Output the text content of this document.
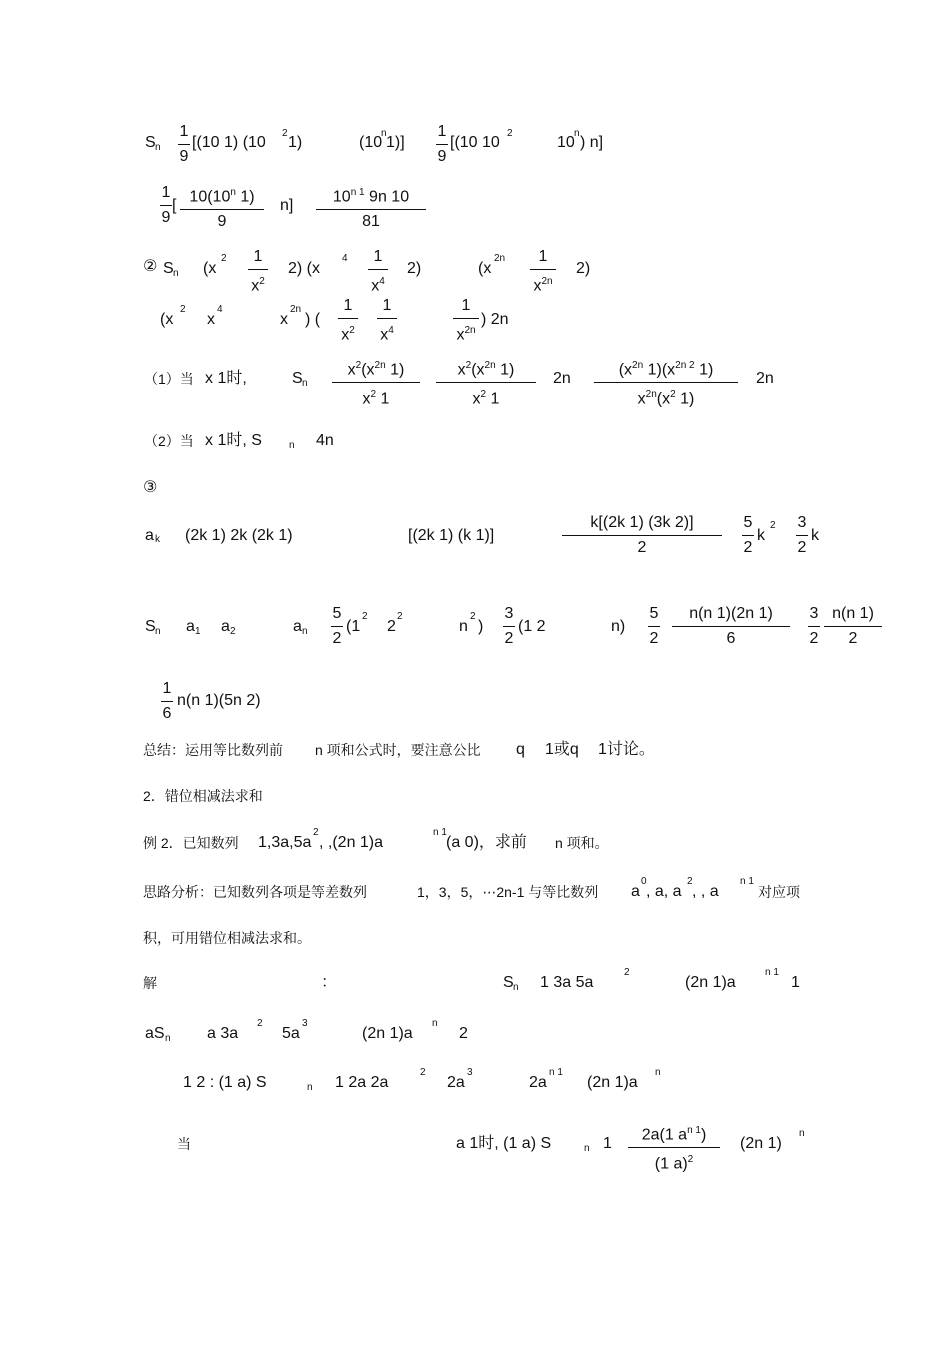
S n
1
9
[(10 1) (10
2
1)	(10
n
1)]
1
9
[(10 10
2
10
n
) n]
1
9
[
10(10$^n$ 1)
9
n]
$10^{n 1}$ 9n 10
81
② S n (x
2	1
$x^2$
2) (x
4	1
$x^4$
2)	(x
2n	1
$x^{2n}$
2)
(x
2
x
4
x
2n
) (
1
$x^2$
1
$x^4$
1
$x^{2n}$
) 2n
（1）当 x 1时,	S n
$x^2(x^{2n}$ 1)
$x^2$ 1
$x^2(x^{2n}$ 1)
$x^2$ 1
2n
($x^{2n}$ $1)(x^{2n 2}$ 1)
$x^{2n}(x^2$ 1)
2n
（2）当 x 1时, S	n 4n
③
a k (2k 1) 2k (2k 1)	[(2k 1) (k 1)]
k[(2k 1) (3k 2)]
2
5
2
k
2 3
2
k
S n a 1 a 2	a n
5
2
(1
2
2
2
n
2
)
3
2
(1 2	n)
5
2
n(n 1)(2n 1)
6
3
2
n(n 1)
2
1
6
n(n 1)(5n 2)
总结：运用等比数列前 n 项和公式时，要注意公比 q 1或q 1讨论。
2．错位相减法求和
例 2．已知数列 1,3a,5a
2
, ,(2n 1)a
n 1
(a 0)，求前 n 项和。
思路分析：已知数列各项是等差数列	1，3，5，⋯2n-1 与等比数列 a
0
, a, a
2
, , a
n 1
对应项
积，可用错位相减法求和。
解	：	S n 1 3a 5a
2
(2n 1)a
n 1
1
aS n a 3a
2
5a
3
(2n 1)a
n
2
1 2 : (1 a) S	n 1 2a 2a
2
2a
3
2a
n 1
(2n 1)a
n
当	a 1时, (1 a) S	n 1
2a(1 $a^{n 1}$)
(1 a)$^2$
(2n 1)
n
